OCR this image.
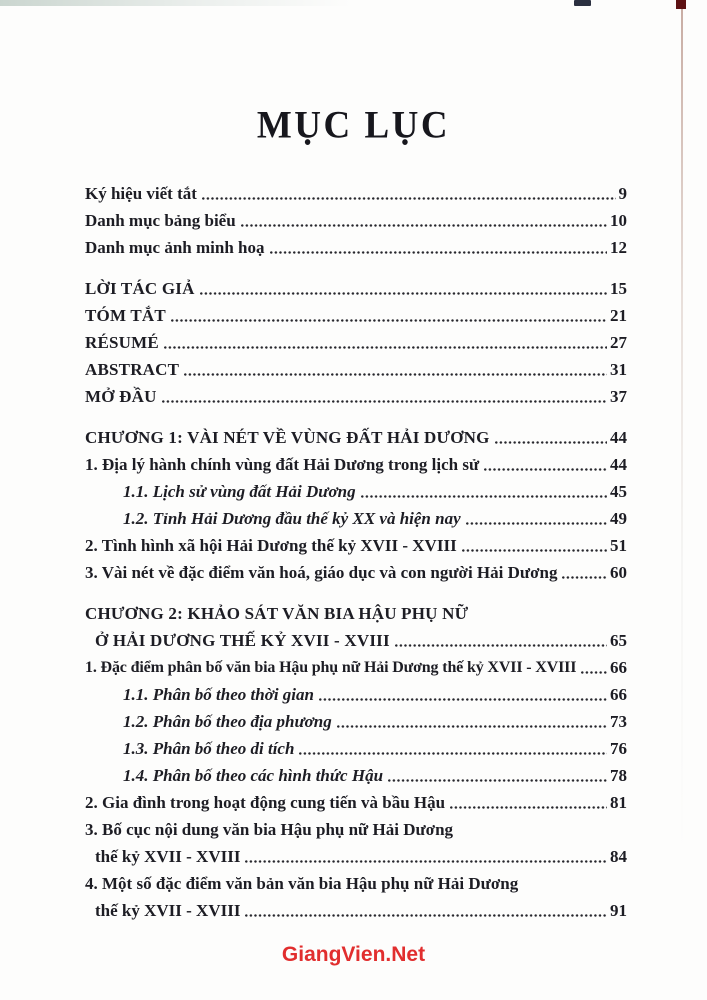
MỤC LỤC
Ký hiệu viết tắt	9
Danh mục bảng biểu	10
Danh mục ảnh minh hoạ	12
LỜI TÁC GIẢ	15
TÓM TẮT	21
RÉSUMÉ	27
ABSTRACT	31
MỞ ĐẦU	37
CHƯƠNG 1: VÀI NÉT VỀ VÙNG ĐẤT HẢI DƯƠNG	44
1. Địa lý hành chính vùng đất Hải Dương trong lịch sử	44
1.1. Lịch sử vùng đất Hải Dương	45
1.2. Tỉnh Hải Dương đầu thế kỷ XX và hiện nay	49
2. Tình hình xã hội Hải Dương thế kỷ XVII - XVIII	51
3. Vài nét về đặc điểm văn hoá, giáo dục và con người Hải Dương	60
CHƯƠNG 2: KHẢO SÁT VĂN BIA HẬU PHỤ NỮ
Ở HẢI DƯƠNG THẾ KỶ XVII - XVIII	65
1. Đặc điểm phân bố văn bia Hậu phụ nữ Hải Dương thế kỷ XVII - XVIII 66
1.1. Phân bố theo thời gian	66
1.2. Phân bố theo địa phương	73
1.3. Phân bố theo di tích	76
1.4. Phân bố theo các hình thức Hậu	78
2. Gia đình trong hoạt động cung tiến và bầu Hậu	81
3. Bố cục nội dung văn bia Hậu phụ nữ Hải Dương
thế kỷ XVII - XVIII	84
4. Một số đặc điểm văn bản văn bia Hậu phụ nữ Hải Dương
thế kỷ XVII - XVIII	91
GiangVien.Net
